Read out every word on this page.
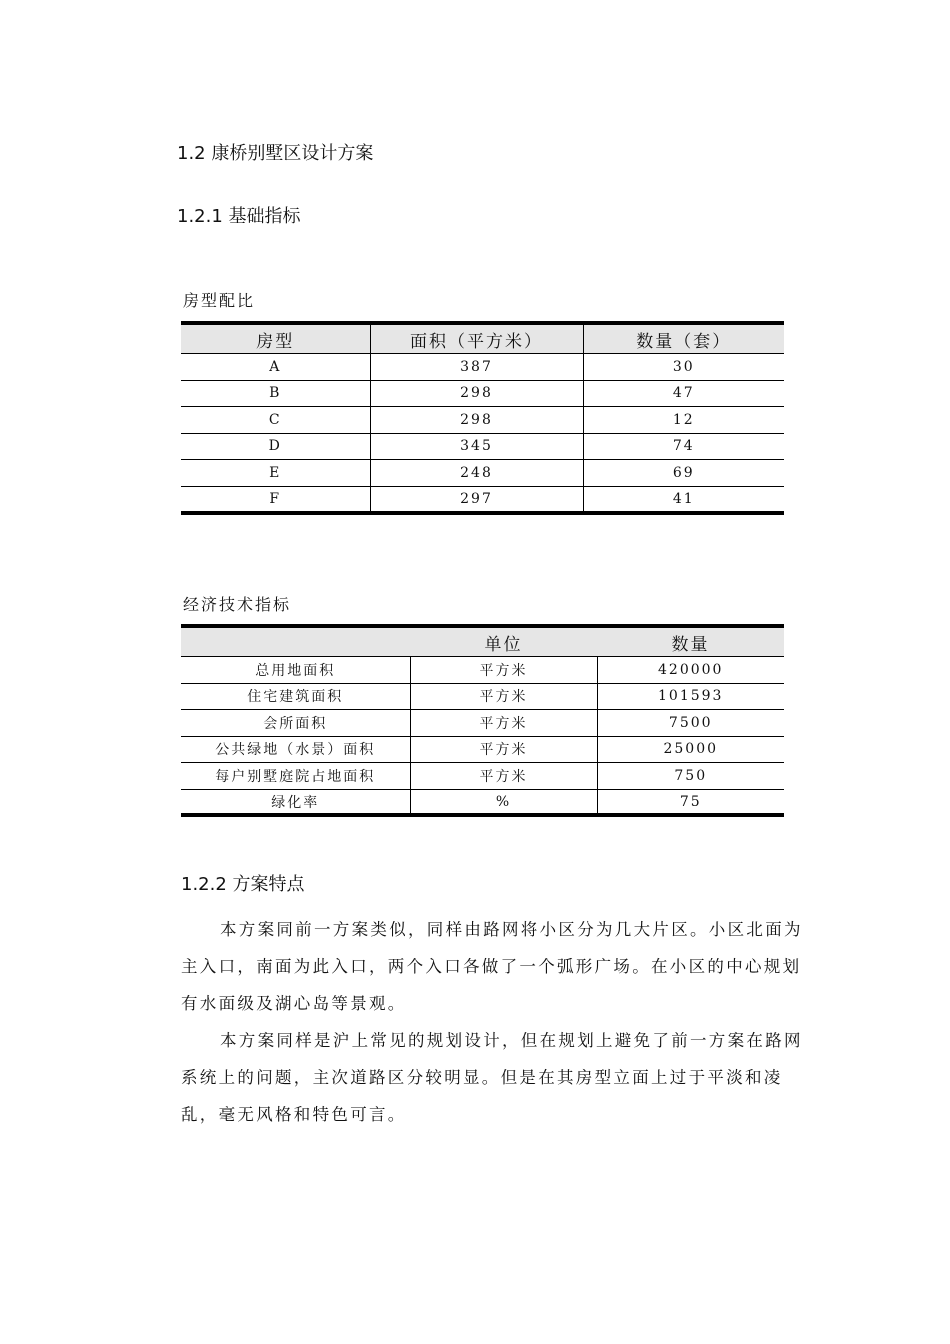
1.2 康桥别墅区设计方案
1.2.1 基础指标
房型配比
房型	面积（平方米）	数量（套）
A	387	30
B	298	47
C	298	12
D	345	74
E	248	69
F	297	41
经济技术指标
	单位	数量
总用地面积	平方米	420000
住宅建筑面积	平方米	101593
会所面积	平方米	7500
公共绿地（水景）面积	平方米	25000
每户别墅庭院占地面积	平方米	750
绿化率	%	75
1.2.2 方案特点

本方案同前一方案类似，同样由路网将小区分为几大片区。小区北面为主入口，南面为此入口，两个入口各做了一个弧形广场。在小区的中心规划有水面级及湖心岛等景观。

本方案同样是沪上常见的规划设计，但在规划上避免了前一方案在路网系统上的问题，主次道路区分较明显。但是在其房型立面上过于平淡和凌乱，毫无风格和特色可言。
